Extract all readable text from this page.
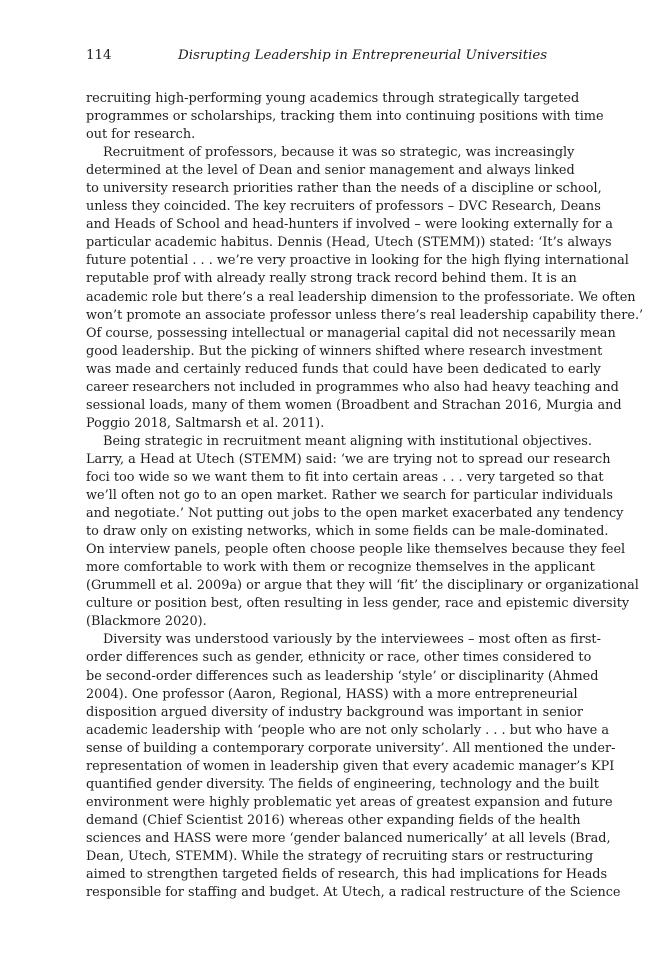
114	Disrupting Leadership in Entrepreneurial Universities
recruiting high-performing young academics through strategically targeted
programmes or scholarships, tracking them into continuing positions with time
out for research.
Recruitment of professors, because it was so strategic, was increasingly
determined at the level of Dean and senior management and always linked
to university research priorities rather than the needs of a discipline or school,
unless they coincided. The key recruiters of professors – DVC Research, Deans
and Heads of School and head-hunters if involved – were looking externally for a
particular academic habitus. Dennis (Head, Utech (STEMM)) stated: ‘It’s always
future potential . . . we’re very proactive in looking for the high flying international
reputable prof with already really strong track record behind them. It is an
academic role but there’s a real leadership dimension to the professoriate. We often
won’t promote an associate professor unless there’s real leadership capability there.’
Of course, possessing intellectual or managerial capital did not necessarily mean
good leadership. But the picking of winners shifted where research investment
was made and certainly reduced funds that could have been dedicated to early
career researchers not included in programmes who also had heavy teaching and
sessional loads, many of them women (Broadbent and Strachan 2016, Murgia and
Poggio 2018, Saltmarsh et al. 2011).
Being strategic in recruitment meant aligning with institutional objectives.
Larry, a Head at Utech (STEMM) said: ‘we are trying not to spread our research
foci too wide so we want them to fit into certain areas . . . very targeted so that
we’ll often not go to an open market. Rather we search for particular individuals
and negotiate.’ Not putting out jobs to the open market exacerbated any tendency
to draw only on existing networks, which in some fields can be male-dominated.
On interview panels, people often choose people like themselves because they feel
more comfortable to work with them or recognize themselves in the applicant
(Grummell et al. 2009a) or argue that they will ‘fit’ the disciplinary or organizational
culture or position best, often resulting in less gender, race and epistemic diversity
(Blackmore 2020).
Diversity was understood variously by the interviewees – most often as first-
order differences such as gender, ethnicity or race, other times considered to
be second-order differences such as leadership ‘style’ or disciplinarity (Ahmed
2004). One professor (Aaron, Regional, HASS) with a more entrepreneurial
disposition argued diversity of industry background was important in senior
academic leadership with ‘people who are not only scholarly . . . but who have a
sense of building a contemporary corporate university’. All mentioned the under-
representation of women in leadership given that every academic manager’s KPI
quantified gender diversity. The fields of engineering, technology and the built
environment were highly problematic yet areas of greatest expansion and future
demand (Chief Scientist 2016) whereas other expanding fields of the health
sciences and HASS were more ‘gender balanced numerically’ at all levels (Brad,
Dean, Utech, STEMM). While the strategy of recruiting stars or restructuring
aimed to strengthen targeted fields of research, this had implications for Heads
responsible for staffing and budget. At Utech, a radical restructure of the Science
